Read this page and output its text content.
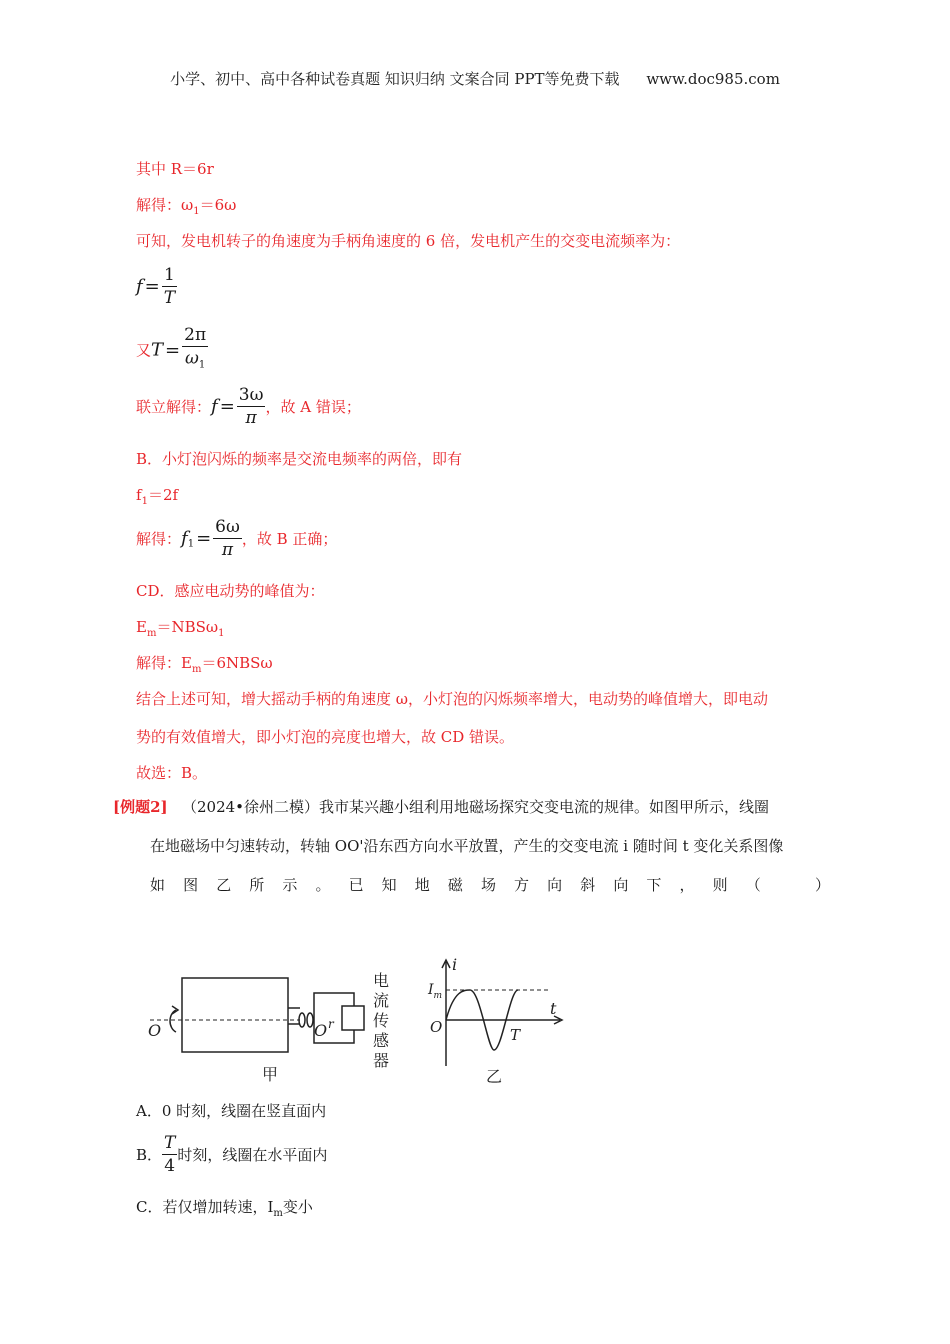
小学、初中、高中各种试卷真题 知识归纳 文案合同 PPT等免费下载 www.doc985.com
其中 R＝6r
解得：$\omega_1=6\omega$
可知，发电机转子的角速度为手柄角速度的 6 倍，发电机产生的交变电流频率为：
$f = \frac{1}{T}$
又$T = \frac{2\pi}{\omega_1}$
联立解得：$f = \frac{3\omega}{\pi}$ ，故 A 错误；
B．小灯泡闪烁的频率是交流电频率的两倍，即有
$f_1=2f$
解得：$f_1 = \frac{6\omega}{\pi}$ ，故 B 正确；
CD．感应电动势的峰值为：
$E_m=NBS\omega_1$
解得：$E_m=6NBS\omega$
结合上述可知，增大摇动手柄的角速度 ω，小灯泡的闪烁频率增大，电动势的峰值增大，即电动
势的有效值增大，即小灯泡的亮度也增大，故 CD 错误。
故选：B。
[例题2] （2024•徐州二模）我市某兴趣小组利用地磁场探究交变电流的规律。如图甲所示，线圈
在地磁场中匀速转动，转轴 OO'沿东西方向水平放置，产生的交变电流 i 随时间 t 变化关系图像
如 图 乙 所 示 。 已 知 地 磁 场 方 向 斜 向 下 ， 则 （	）
O	O r
电 流 传 感 器
甲
i
t
$I_m$
O	T
乙
A．0 时刻，线圈在竖直面内
B． $\frac{T}{4}$ 时刻，线圈在水平面内
C．若仅增加转速，$I_m$变小
